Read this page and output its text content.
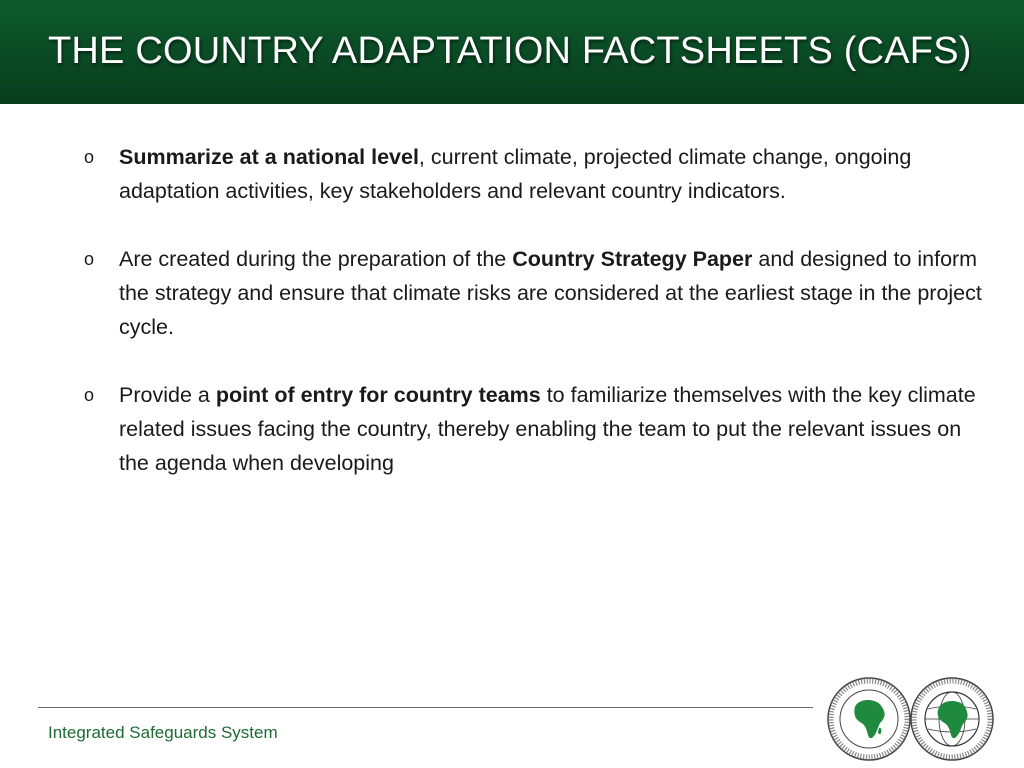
THE COUNTRY ADAPTATION FACTSHEETS (CAFS)
o Summarize at a national level, current climate, projected climate change, ongoing adaptation activities, key stakeholders and relevant country indicators.
o Are created during the preparation of the Country Strategy Paper and designed to inform the strategy and ensure that climate risks are considered at the earliest stage in the project cycle.
o Provide a point of entry for country teams to familiarize themselves with the key climate related issues facing the country, thereby enabling the team to put the relevant issues on the agenda when developing
Integrated Safeguards System
